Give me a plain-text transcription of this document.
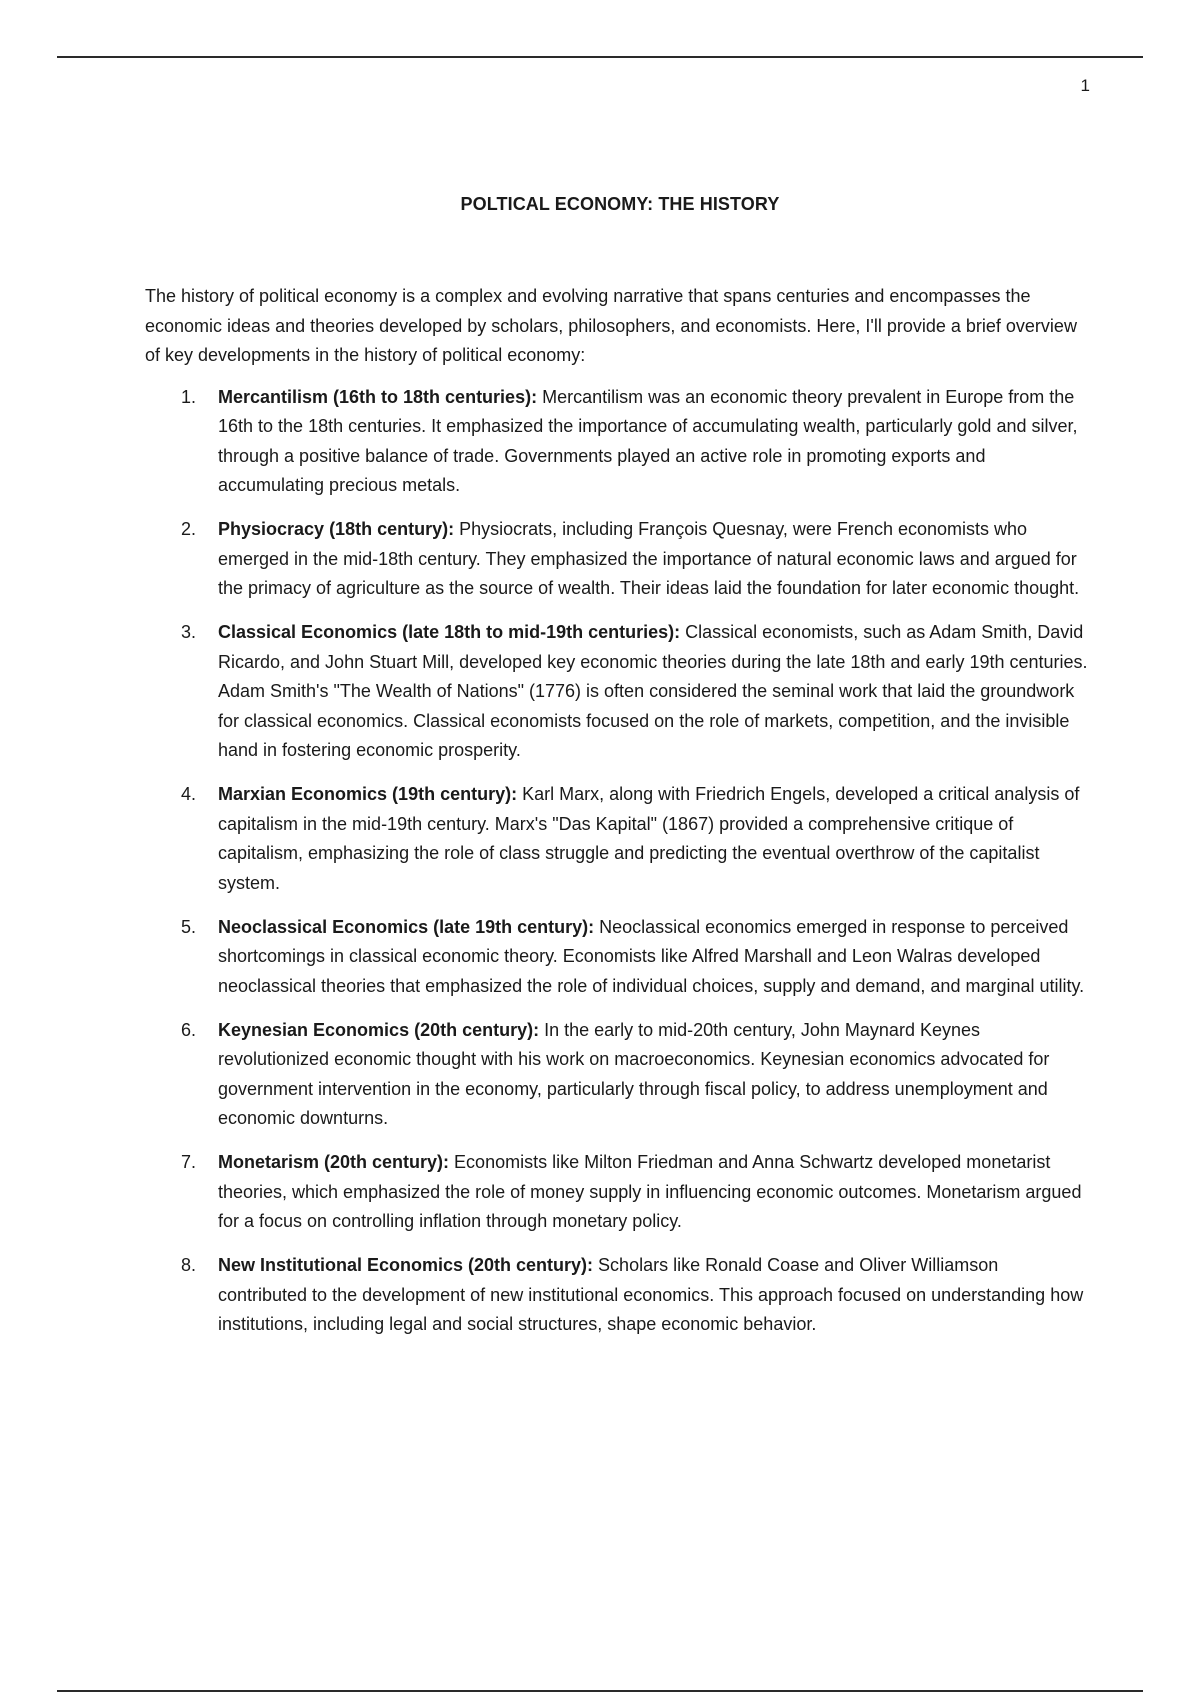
1
POLTICAL ECONOMY: THE HISTORY

The history of political economy is a complex and evolving narrative that spans centuries and encompasses the economic ideas and theories developed by scholars, philosophers, and economists. Here, I'll provide a brief overview of key developments in the history of political economy:

1. Mercantilism (16th to 18th centuries): Mercantilism was an economic theory prevalent in Europe from the 16th to the 18th centuries. It emphasized the importance of accumulating wealth, particularly gold and silver, through a positive balance of trade. Governments played an active role in promoting exports and accumulating precious metals.
2. Physiocracy (18th century): Physiocrats, including François Quesnay, were French economists who emerged in the mid-18th century. They emphasized the importance of natural economic laws and argued for the primacy of agriculture as the source of wealth. Their ideas laid the foundation for later economic thought.
3. Classical Economics (late 18th to mid-19th centuries): Classical economists, such as Adam Smith, David Ricardo, and John Stuart Mill, developed key economic theories during the late 18th and early 19th centuries. Adam Smith's "The Wealth of Nations" (1776) is often considered the seminal work that laid the groundwork for classical economics. Classical economists focused on the role of markets, competition, and the invisible hand in fostering economic prosperity.
4. Marxian Economics (19th century): Karl Marx, along with Friedrich Engels, developed a critical analysis of capitalism in the mid-19th century. Marx's "Das Kapital" (1867) provided a comprehensive critique of capitalism, emphasizing the role of class struggle and predicting the eventual overthrow of the capitalist system.
5. Neoclassical Economics (late 19th century): Neoclassical economics emerged in response to perceived shortcomings in classical economic theory. Economists like Alfred Marshall and Leon Walras developed neoclassical theories that emphasized the role of individual choices, supply and demand, and marginal utility.
6. Keynesian Economics (20th century): In the early to mid-20th century, John Maynard Keynes revolutionized economic thought with his work on macroeconomics. Keynesian economics advocated for government intervention in the economy, particularly through fiscal policy, to address unemployment and economic downturns.
7. Monetarism (20th century): Economists like Milton Friedman and Anna Schwartz developed monetarist theories, which emphasized the role of money supply in influencing economic outcomes. Monetarism argued for a focus on controlling inflation through monetary policy.
8. New Institutional Economics (20th century): Scholars like Ronald Coase and Oliver Williamson contributed to the development of new institutional economics. This approach focused on understanding how institutions, including legal and social structures, shape economic behavior.
